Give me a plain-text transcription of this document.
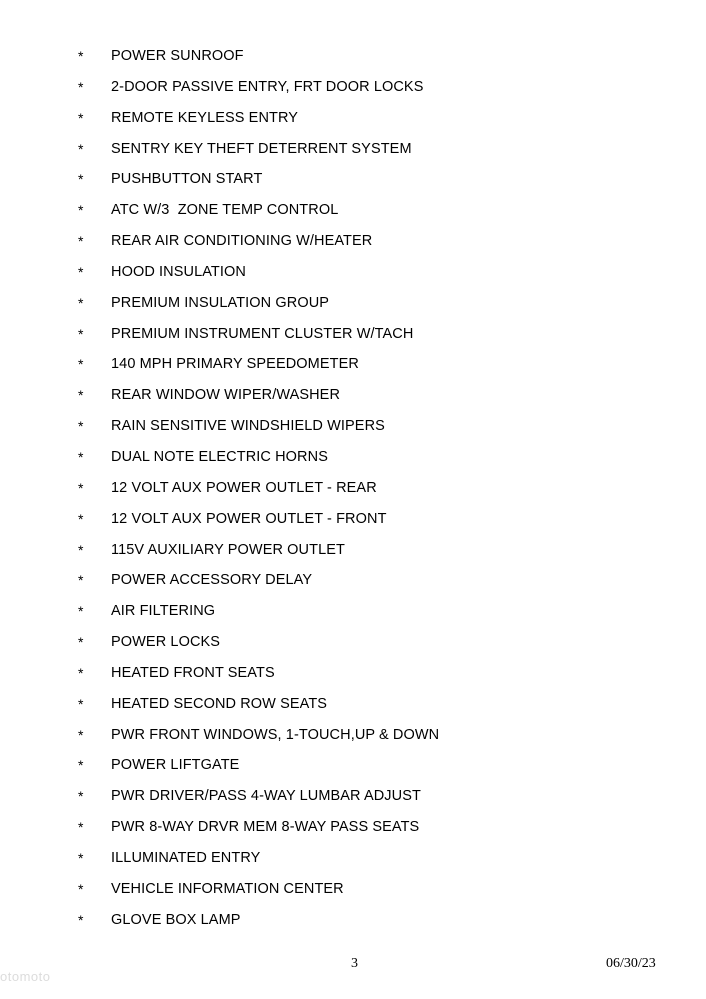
* POWER SUNROOF
* 2-DOOR PASSIVE ENTRY, FRT DOOR LOCKS
* REMOTE KEYLESS ENTRY
* SENTRY KEY THEFT DETERRENT SYSTEM
* PUSHBUTTON START
* ATC W/3  ZONE TEMP CONTROL
* REAR AIR CONDITIONING W/HEATER
* HOOD INSULATION
* PREMIUM INSULATION GROUP
* PREMIUM INSTRUMENT CLUSTER W/TACH
* 140 MPH PRIMARY SPEEDOMETER
* REAR WINDOW WIPER/WASHER
* RAIN SENSITIVE WINDSHIELD WIPERS
* DUAL NOTE ELECTRIC HORNS
* 12 VOLT AUX POWER OUTLET - REAR
* 12 VOLT AUX POWER OUTLET - FRONT
* 115V AUXILIARY POWER OUTLET
* POWER ACCESSORY DELAY
* AIR FILTERING
* POWER LOCKS
* HEATED FRONT SEATS
* HEATED SECOND ROW SEATS
* PWR FRONT WINDOWS, 1-TOUCH,UP & DOWN
* POWER LIFTGATE
* PWR DRIVER/PASS 4-WAY LUMBAR ADJUST
* PWR 8-WAY DRVR MEM 8-WAY PASS SEATS
* ILLUMINATED ENTRY
* VEHICLE INFORMATION CENTER
* GLOVE BOX LAMP
3	06/30/23
otomoto
